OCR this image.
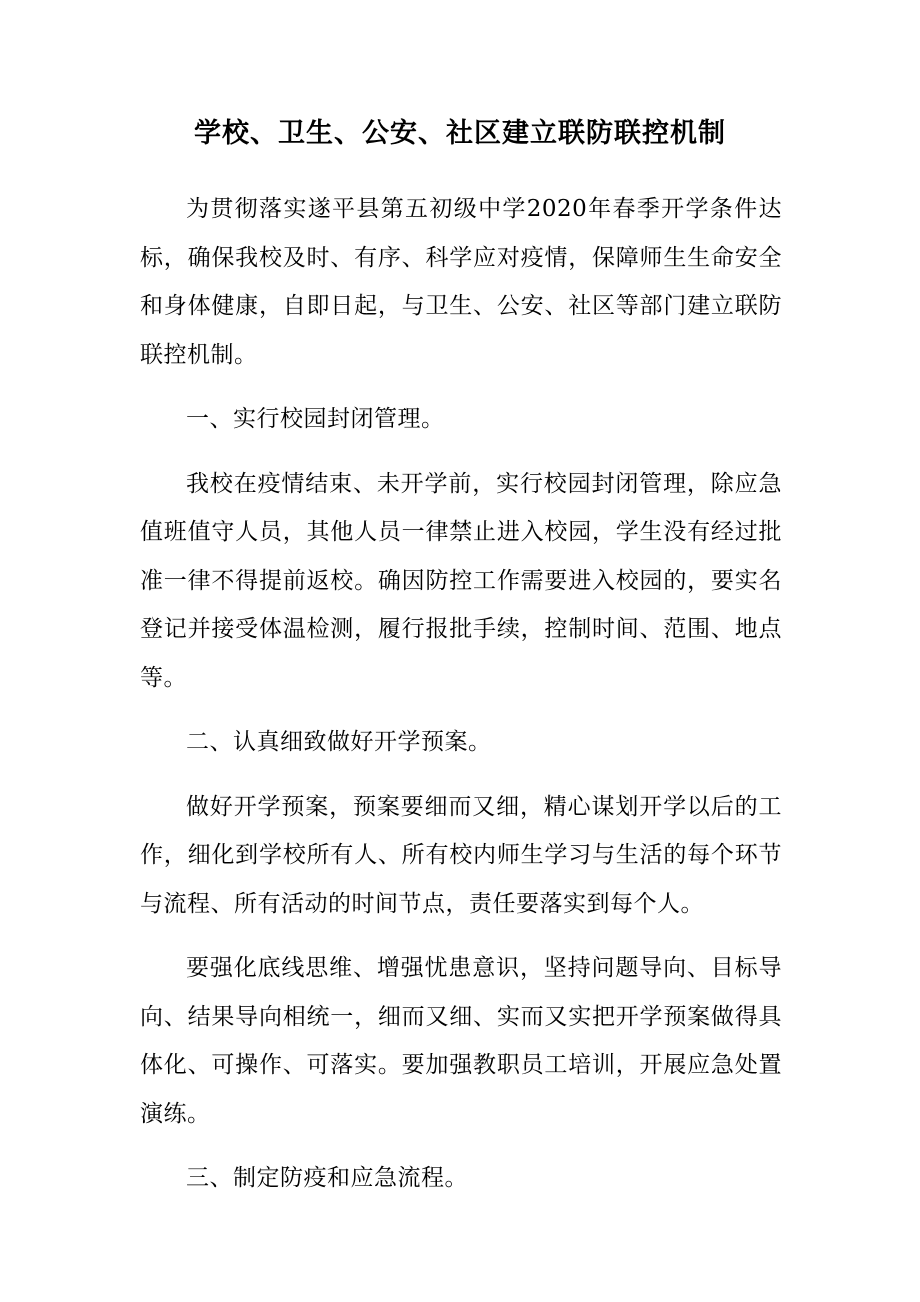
学校、卫生、公安、社区建立联防联控机制

为贯彻落实遂平县第五初级中学2020年春季开学条件达标，确保我校及时、有序、科学应对疫情，保障师生生命安全和身体健康，自即日起，与卫生、公安、社区等部门建立联防联控机制。

一、实行校园封闭管理。

我校在疫情结束、未开学前，实行校园封闭管理，除应急值班值守人员，其他人员一律禁止进入校园，学生没有经过批准一律不得提前返校。确因防控工作需要进入校园的，要实名登记并接受体温检测，履行报批手续，控制时间、范围、地点等。

二、认真细致做好开学预案。

做好开学预案，预案要细而又细，精心谋划开学以后的工作，细化到学校所有人、所有校内师生学习与生活的每个环节与流程、所有活动的时间节点，责任要落实到每个人。

要强化底线思维、增强忧患意识，坚持问题导向、目标导向、结果导向相统一，细而又细、实而又实把开学预案做得具体化、可操作、可落实。要加强教职员工培训，开展应急处置演练。

三、制定防疫和应急流程。
